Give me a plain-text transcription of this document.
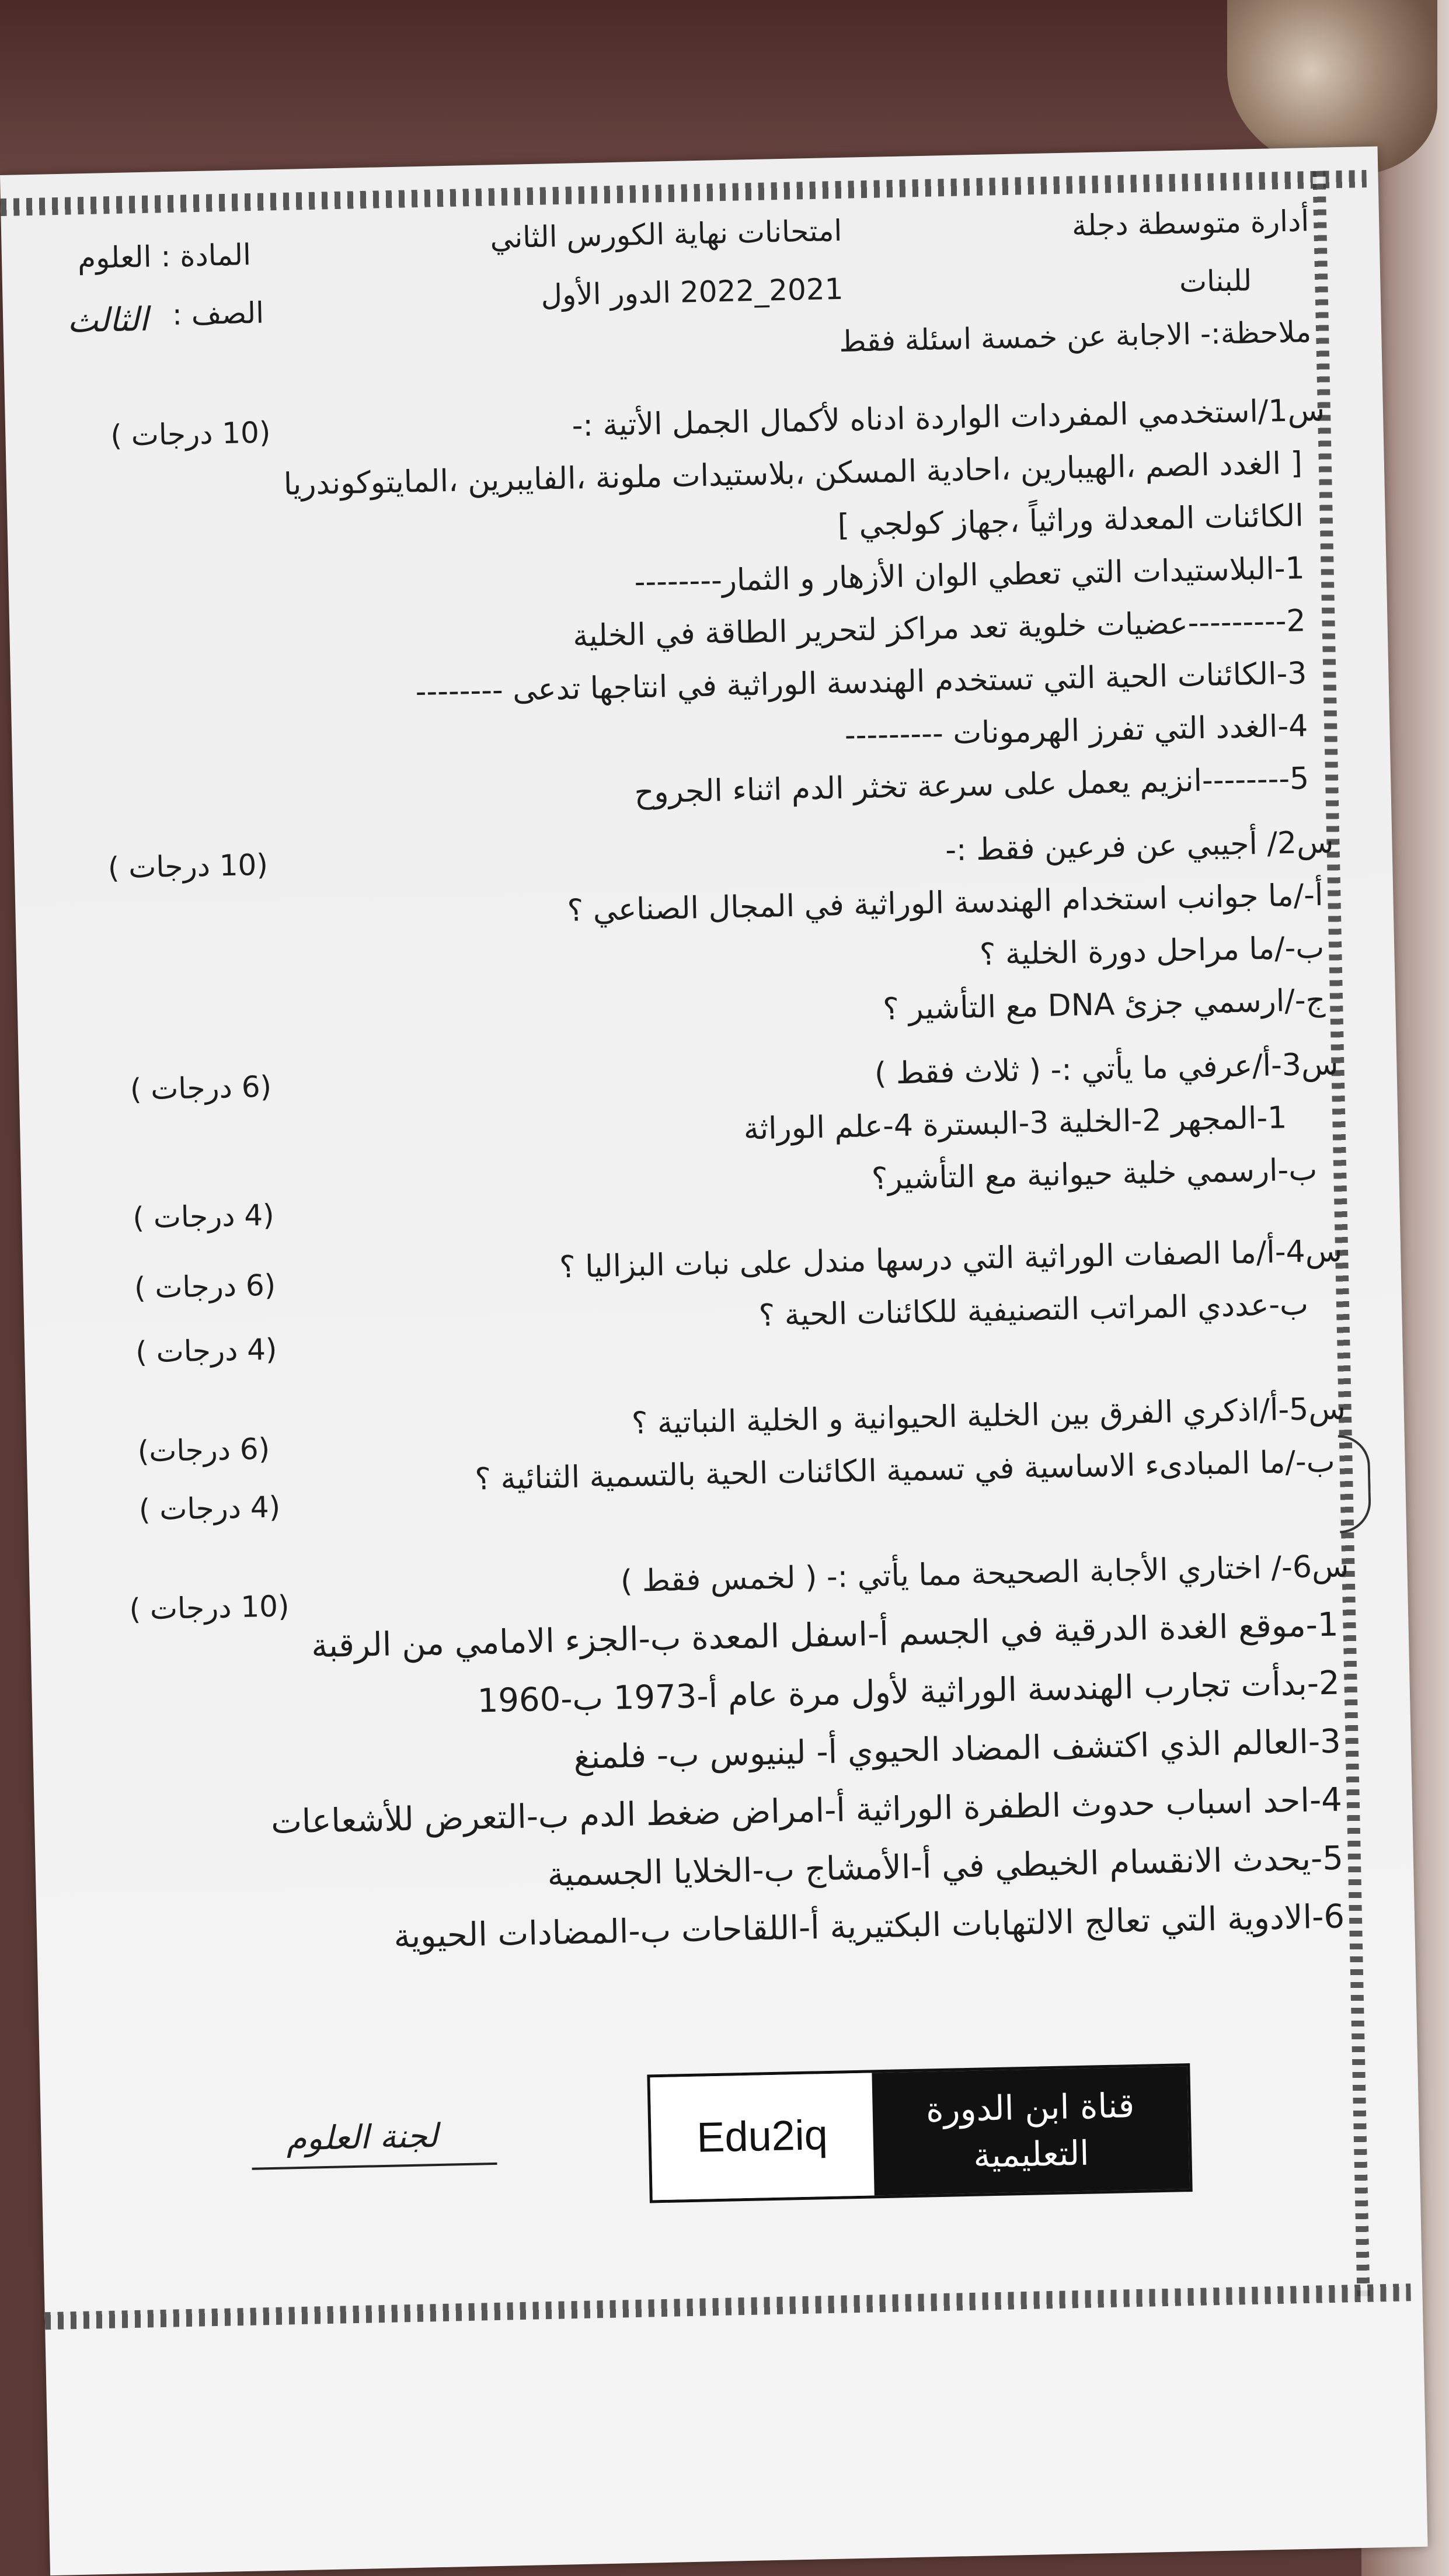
أدارة متوسطة دجلة
امتحانات نهاية الكورس الثاني
المادة : العلوم
للبنات
2021_2022 الدور الأول
الصف :
الثالث	ملاحظة:- الاجابة عن خمسة اسئلة فقط
س1/استخدمي المفردات الواردة ادناه لأكمال الجمل الأتية :-
(10 درجات )
[ الغدد الصم ،الهيبارين ،احادية المسكن ،بلاستيدات ملونة ،الفايبرين ،المايتوكوندريا
الكائنات المعدلة وراثياً ،جهاز كولجي ]
1-البلاستيدات التي تعطي الوان الأزهار و الثمار--------
2---------عضيات خلوية تعد مراكز لتحرير الطاقة في الخلية
3-الكائنات الحية التي تستخدم الهندسة الوراثية في انتاجها تدعى --------
4-الغدد التي تفرز الهرمونات ---------
5--------انزيم يعمل على سرعة تخثر الدم اثناء الجروح
س2/ أجيبي عن فرعين فقط :-
(10 درجات )
أ-/ما جوانب استخدام الهندسة الوراثية في المجال الصناعي ؟
ب-/ما مراحل دورة الخلية ؟
ج-/ارسمي جزئ DNA مع التأشير ؟
س3-أ/عرفي ما يأتي :- ( ثلاث فقط )
(6 درجات )
1-المجهر 2-الخلية 3-البسترة 4-علم الوراثة
ب-ارسمي خلية حيوانية مع التأشير؟
(4 درجات )
س4-أ/ما الصفات الوراثية التي درسها مندل على نبات البزاليا ؟
(6 درجات )
ب-عددي المراتب التصنيفية للكائنات الحية ؟
(4 درجات )
س5-أ/اذكري الفرق بين الخلية الحيوانية و الخلية النباتية ؟
(6 درجات)	ب-/ما المبادىء الاساسية في تسمية الكائنات الحية بالتسمية الثنائية ؟
(4 درجات )
س6-/ اختاري الأجابة الصحيحة مما يأتي :- ( لخمس فقط )
(10 درجات ) 1-موقع الغدة الدرقية في الجسم أ-اسفل المعدة ب-الجزء الامامي من الرقبة
2-بدأت تجارب الهندسة الوراثية لأول مرة عام أ-1973 ب-1960
3-العالم الذي اكتشف المضاد الحيوي أ- لينيوس ب- فلمنغ
4-احد اسباب حدوث الطفرة الوراثية أ-امراض ضغط الدم ب-التعرض للأشعاعات
5-يحدث الانقسام الخيطي في أ-الأمشاج ب-الخلايا الجسمية
6-الادوية التي تعالج الالتهابات البكتيرية أ-اللقاحات ب-المضادات الحيوية
Edu2iq
قناة ابن الدورة
التعليمية
لجنة العلوم
